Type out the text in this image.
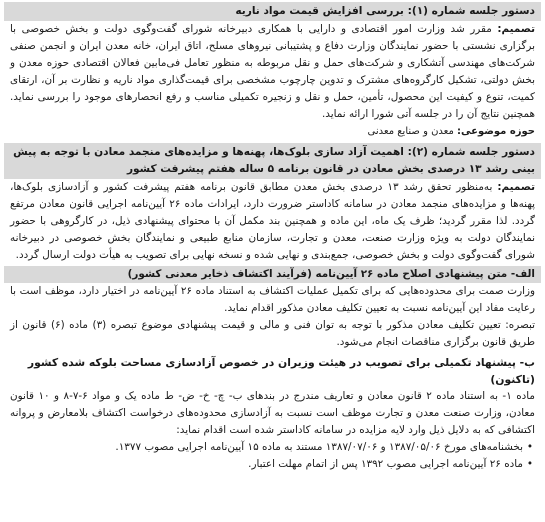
دستور جلسه شماره (۱): بررسی افزایش قیمت مواد ناریه

تصمیم: مقرر شد وزارت امور اقتصادی و دارایی با همکاری دبیرخانه شورای گفت‌وگوی دولت و بخش خصوصی با برگزاری نشستی با حضور نمایندگان وزارت دفاع و پشتیبانی نیروهای مسلح، اتاق ایران، خانه معدن ایران و انجمن صنفی شرکت‌های مهندسی آتشکاری و شرکت‌های حمل و نقل مربوطه به منظور تعامل فی‌مابین فعالان اقتصادی حوزه معدن و بخش دولتی، تشکیل کارگروه‌های مشترک و تدوین چارچوب مشخصی برای قیمت‌گذاری مواد ناریه و نظارت بر آن، ارتقای کمیت، تنوع و کیفیت این محصول، تأمین، حمل و نقل و زنجیره تکمیلی مناسب و رفع انحصارهای موجود را بررسی نماید. همچنین نتایج آن را در جلسه آتی شورا ارائه نماید.

حوزه موضوعی: معدن و صنایع معدنی

دستور جلسه شماره (۲): اهمیت آزاد سازی بلوک‌ها، پهنه‌ها و مزایده‌های منجمد معادن با توجه به پیش بینی رشد ۱۳ درصدی بخش معادن در قانون برنامه ۵ ساله هفتم پیشرفت کشور

تصمیم: به‌منظور تحقق رشد ۱۳ درصدی بخش معدن مطابق قانون برنامه هفتم پیشرفت کشور و آزادسازی بلوک‌ها، پهنه‌ها و مزایده‌های منجمد معادن در سامانه کاداستر ضرورت دارد، ایرادات ماده ۲۶ آیین‌نامه اجرایی قانون معادن مرتفع گردد. لذا مقرر گردید؛ ظرف یک ماه، این ماده و همچنین بند مکمل آن با محتوای پیشنهادی ذیل، در کارگروهی با حضور نمایندگان دولت به ویژه وزارت صنعت، معدن و تجارت، سازمان منابع طبیعی و نمایندگان بخش خصوصی در دبیرخانه شورای گفت‌وگوی دولت و بخش خصوصی، جمع‌بندی و نهایی شده و نسخه نهایی برای تصویب به هیأت دولت ارسال گردد.

الف- متن پیشنهادی اصلاح ماده ۲۶ آیین‌نامه (فرآیند اکتشاف ذخایر معدنی کشور)

وزارت صمت برای محدوده‌هایی که برای تکمیل عملیات اکتشاف به استناد ماده ۲۶ آیین‌نامه در اختیار دارد، موظف است با رعایت مفاد این آیین‌نامه نسبت به تعیین تکلیف معادن مذکور اقدام نماید.

تبصره: تعیین تکلیف معادن مذکور با توجه به توان فنی و مالی و قیمت پیشنهادی موضوع تبصره (۳) ماده (۶) قانون از طریق قانون برگزاری مناقصات انجام می‌شود.

ب- پیشنهاد تکمیلی برای تصویب در هیئت وزیران در خصوص آزادسازی مساحت بلوکه شده کشور (تاکنون)

ماده ۱- به استناد ماده ۲ قانون معادن و تعاریف مندرج در بندهای ب- چ- خ- ض- ط ماده یک و مواد ۶-۷-۸ و ۱۰ قانون معادن، وزارت صنعت معدن و تجارت موظف است نسبت به آزادسازی محدوده‌های درخواست اکتشاف بلامعارض و پروانه اکتشافی که به دلایل ذیل وارد لایه مزایده در سامانه کاداستر شده است اقدام نماید:

• بخشنامه‌های مورخ ۱۳۸۷/۰۵/۰۶ و ۱۳۸۷/۰۷/۰۶ مستند به ماده ۱۵ آیین‌نامه اجرایی مصوب ۱۳۷۷.
• ماده ۲۶ آیین‌نامه اجرایی مصوب ۱۳۹۲ پس از اتمام مهلت اعتبار.
